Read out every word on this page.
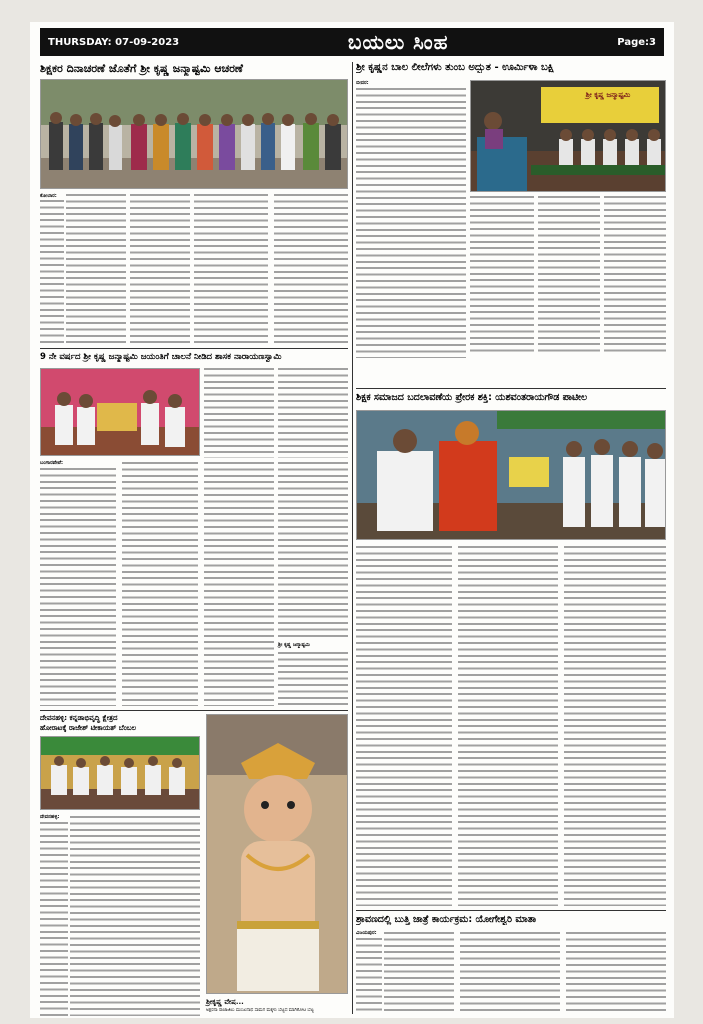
THURSDAY: 07-09-2023	ಬಯಲು ಸಿಂಹ	Page:3
ಶಿಕ್ಷಕರ ದಿನಾಚರಣೆ ಜೊತೆಗೆ ಶ್ರೀ ಕೃಷ್ಣ ಜನ್ಮಾಷ್ಟಮಿ ಆಚರಣೆ
ಕೋಲಾರ:
ಶ್ರೀ ಕೃಷ್ಣನ ಬಾಲ ಲೀಲೆಗಳು ತುಂಬ ಅದ್ಭುತ - ಊರ್ಮಿಳಾ ಬಕ್ಷಿ
ಬೀದರ:
ಶ್ರೀ ಕೃಷ್ಣ ಜನ್ಮಾಷ್ಟಮಿ
9 ನೇ ವರ್ಷದ ಶ್ರೀ ಕೃಷ್ಣ ಜನ್ಮಾಷ್ಟಮಿ ಜಯಂತಿಗೆ ಚಾಲನೆ ನೀಡಿದ ಶಾಸಕ ನಾರಾಯಣಸ್ವಾಮಿ
ಬಂಗಾರಪೇಟೆ:
ಶ್ರೀ ಕೃಷ್ಣ ಜನ್ಮಾಷ್ಟಮಿ
ಶಿಕ್ಷಕ ಸಮಾಜದ ಬದಲಾವಣೆಯ ಪ್ರೇರಕ ಶಕ್ತಿ: ಯಶವಂತರಾಯಗೌಡ ಪಾಟೀಲ
ದೇವನಹಳ್ಳಿ: ಕನ್ನಡಾಭಿವೃದ್ಧಿ ಕ್ಷೇತ್ರದ
ಹೋರಾಟಕ್ಕೆ ರಾಜೇಶ್ ಟೀಕಾಯತ್ ಬೆಂಬಲ
ದೇವನಹಳ್ಳಿ:
ಶ್ರೀಕೃಷ್ಣ ವೇಷ...
ಅಕ್ಷರನಾ ರಾಜಾಜಿಲು ಮಂಜುನಾಥ ಸಾಮಗ ಮಕ್ಕಳು ಬೆಟ್ಟದ ಮಾಗಿಕೋಟ ಬೆಟ್ಟ
ಶ್ರಾವಣದಲ್ಲಿ ಬುತ್ತಿ ಜಾತ್ರೆ ಕಾರ್ಯಕ್ರಮ: ಯೋಗೇಶ್ವರಿ ಮಾತಾ
ವಿಜಯಪುರ:
